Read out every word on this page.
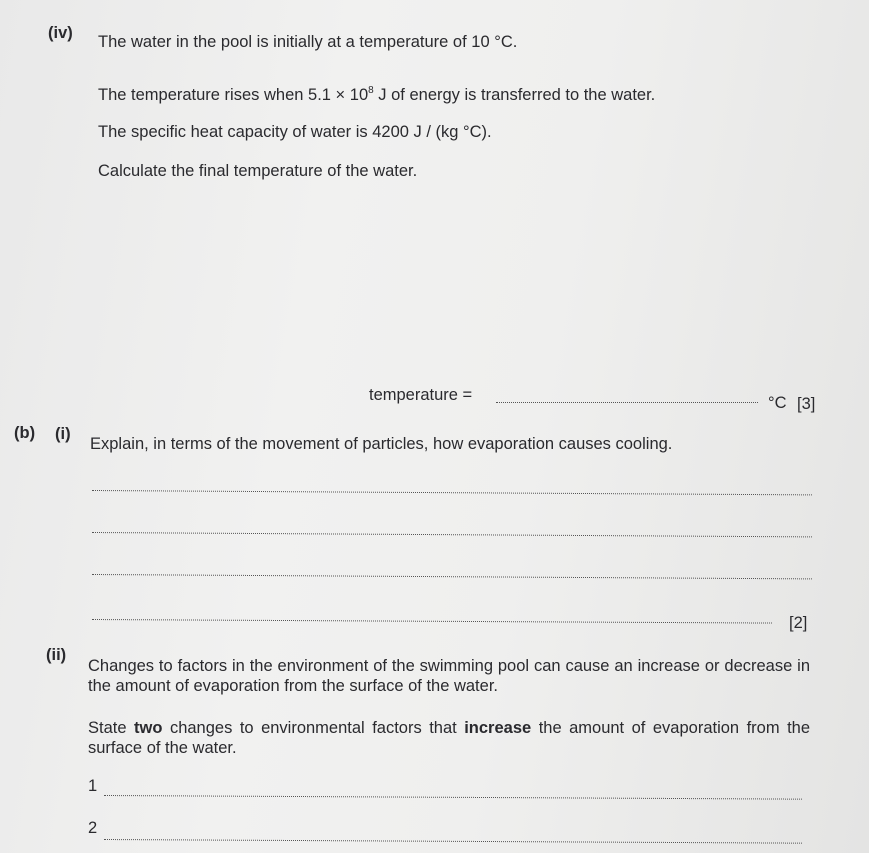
(iv) The water in the pool is initially at a temperature of 10 °C.
The temperature rises when $5.1 \times 10^8$ J of energy is transferred to the water.
The specific heat capacity of water is 4200 J / (kg °C).
Calculate the final temperature of the water.
temperature =	°C [3]
(b) (i)
Explain, in terms of the movement of particles, how evaporation causes cooling.
[2]
(ii)
Changes to factors in the environment of the swimming pool can cause an increase or decrease in the amount of evaporation from the surface of the water.
State two changes to environmental factors that increase the amount of evaporation from the surface of the water.
1
2
